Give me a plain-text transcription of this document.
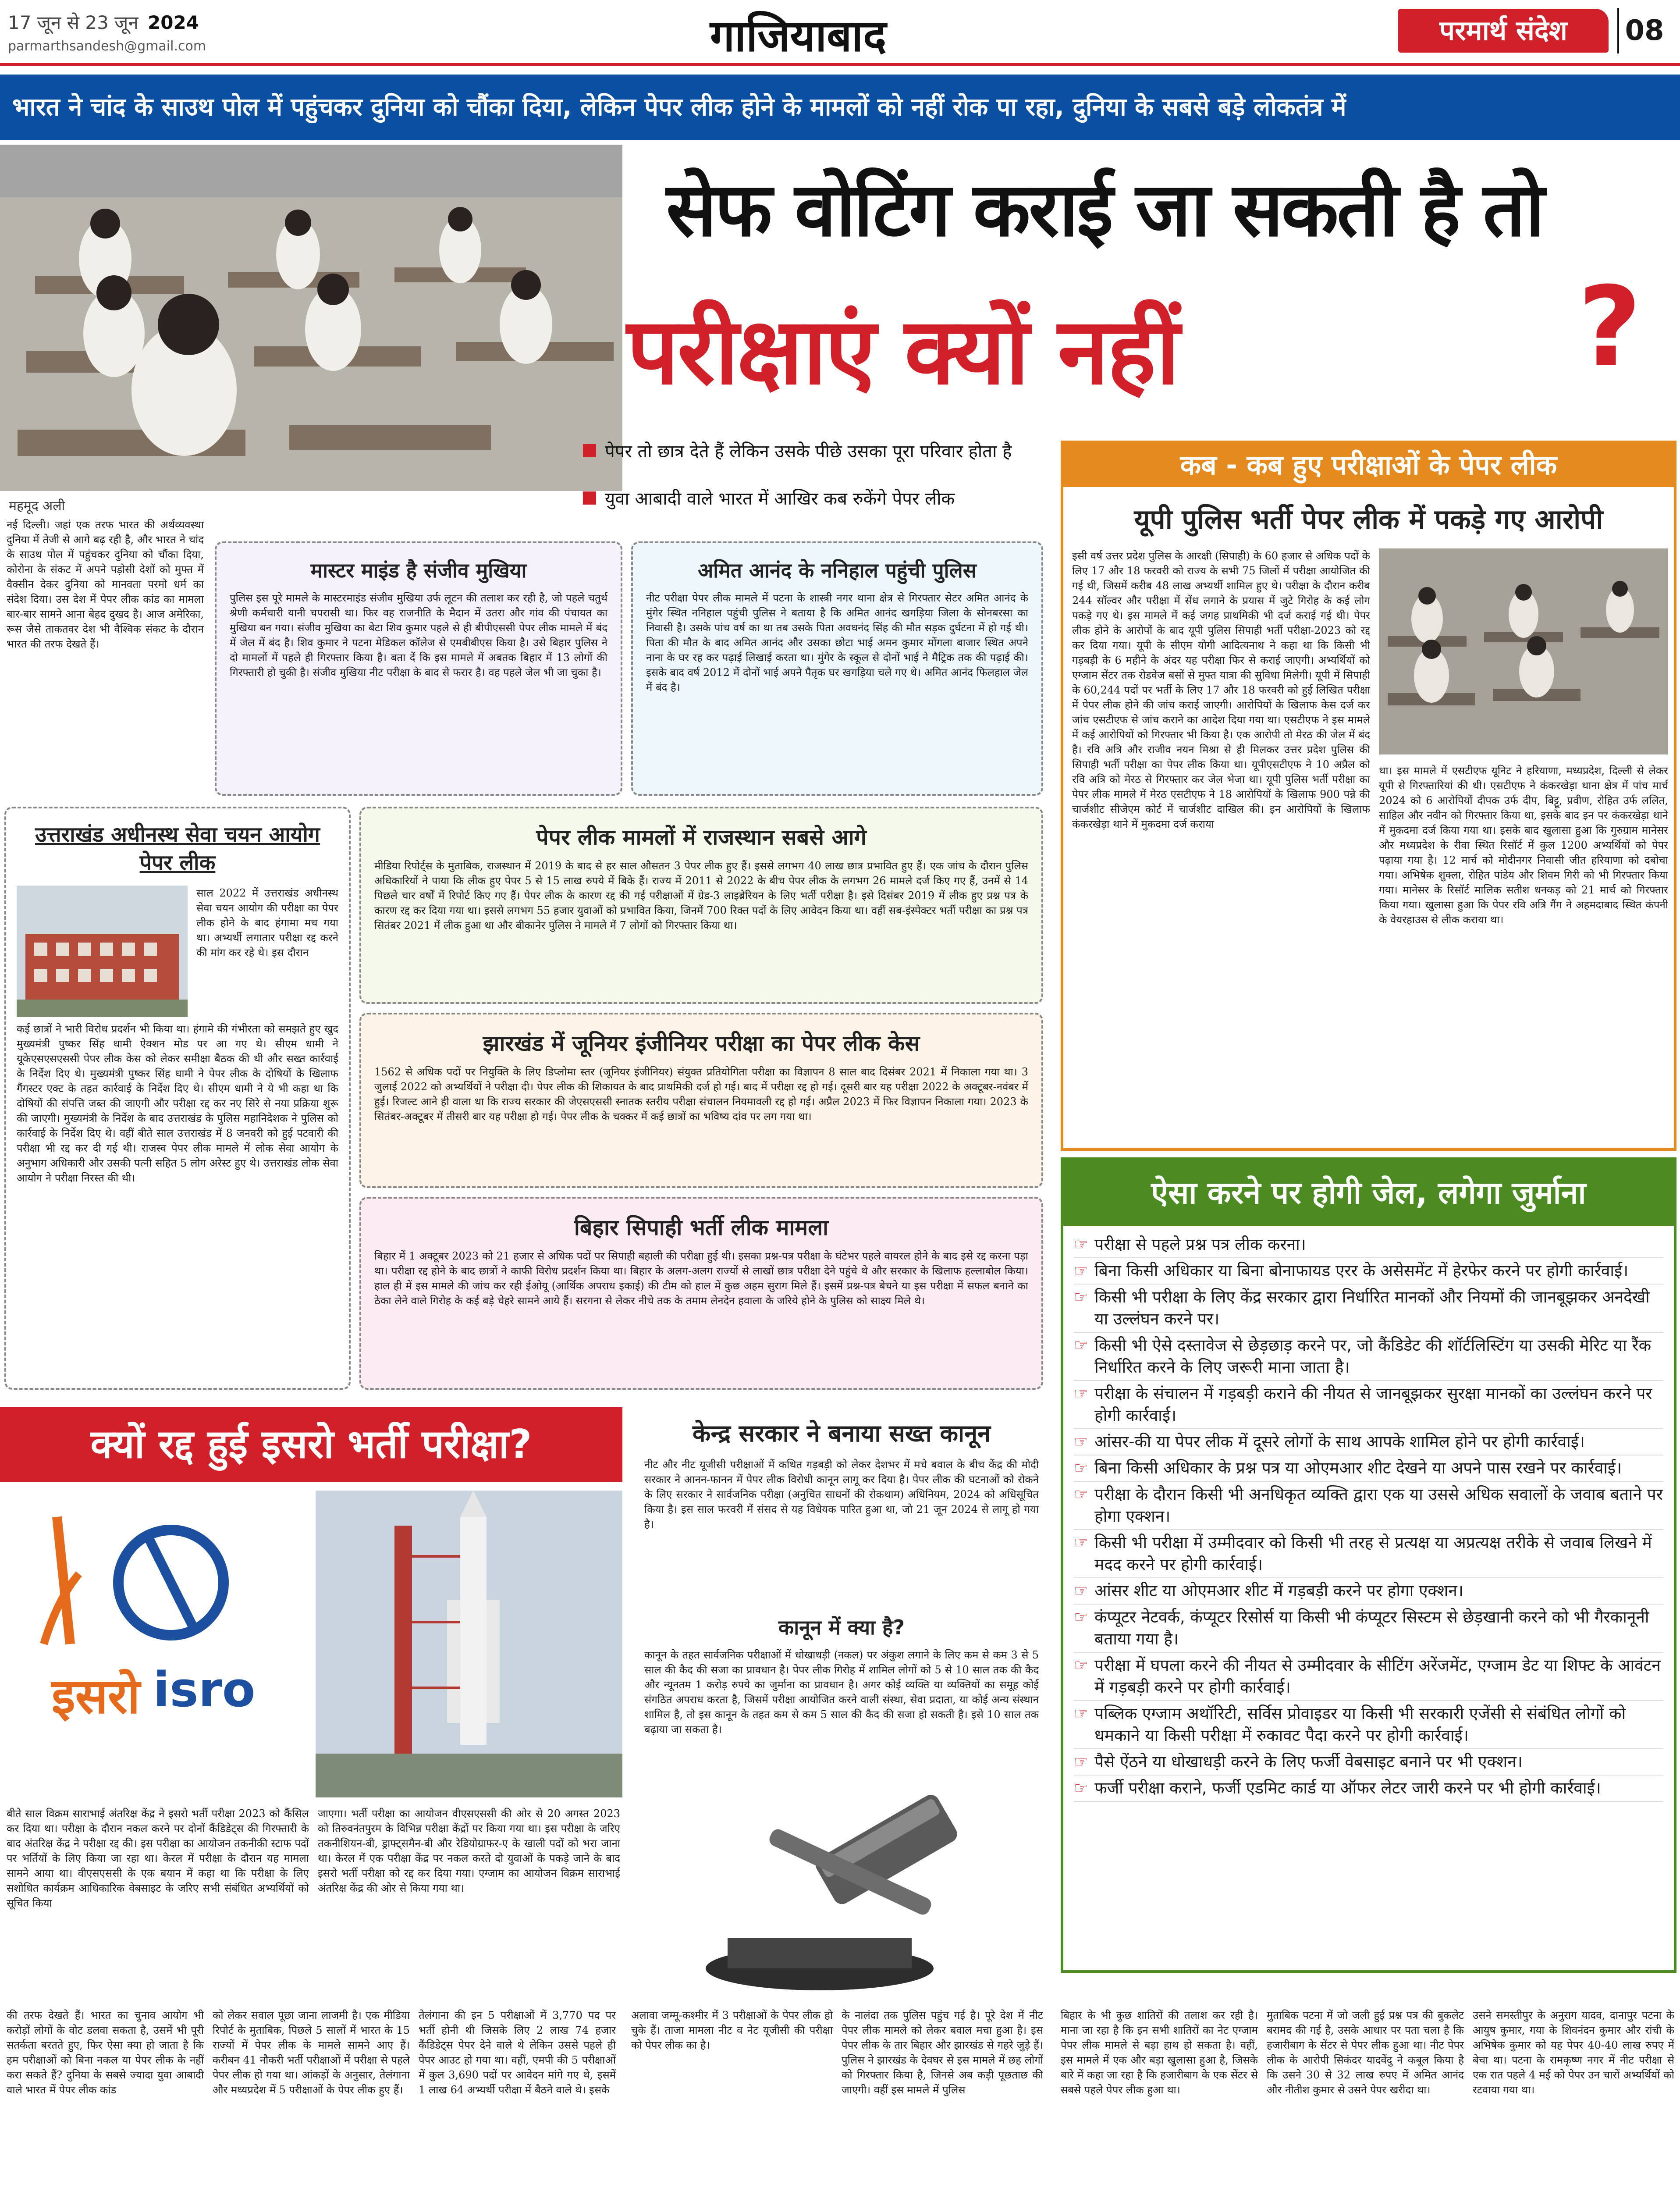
17 जून से 23 जून 2024
parmarthsandesh@gmail.com	गाजियाबाद	परमार्थ संदेश	08
भारत ने चांद के साउथ पोल में पहुंचकर दुनिया को चौंका दिया, लेकिन पेपर लीक होने के मामलों को नहीं रोक पा रहा, दुनिया के सबसे बड़े लोकतंत्र में
महमूद अली
सेफ वोटिंग कराई जा सकती है तो
परीक्षाएं क्यों नहीं	?
पेपर तो छात्र देते हैं लेकिन उसके पीछे उसका पूरा परिवार होता है
युवा आबादी वाले भारत में आखिर कब रुकेंगे पेपर लीक

नई दिल्ली। जहां एक तरफ भारत की अर्थव्यवस्था दुनिया में तेजी से आगे बढ़ रही है, और भारत ने चांद के साउथ पोल में पहुंचकर दुनिया को चौंका दिया, कोरोना के संकट में अपने पड़ोसी देशों को मुफ्त में वैक्सीन देकर दुनिया को मानवता परमो धर्म का संदेश दिया। उस देश में पेपर लीक कांड का मामला बार-बार सामने आना बेहद दुखद है। आज अमेरिका, रूस जैसे ताकतवर देश भी वैश्विक संकट के दौरान भारत की तरफ देखते हैं।

मास्टर माइंड है संजीव मुखिया

पुलिस इस पूरे मामले के मास्टरमाइंड संजीव मुखिया उर्फ लूटन की तलाश कर रही है, जो पहले चतुर्थ श्रेणी कर्मचारी यानी चपरासी था। फिर वह राजनीति के मैदान में उतरा और गांव की पंचायत का मुखिया बन गया। संजीव मुखिया का बेटा शिव कुमार पहले से ही बीपीएससी पेपर लीक मामले में बंद में जेल में बंद है। शिव कुमार ने पटना मेडिकल कॉलेज से एमबीबीएस किया है। उसे बिहार पुलिस ने दो मामलों में पहले ही गिरफ्तार किया है। बता दें कि इस मामले में अबतक बिहार में 13 लोगों की गिरफ्तारी हो चुकी है। संजीव मुखिया नीट परीक्षा के बाद से फरार है। वह पहले जेल भी जा चुका है।

अमित आनंद के ननिहाल पहुंची पुलिस

नीट परीक्षा पेपर लीक मामले में पटना के शास्त्री नगर थाना क्षेत्र से गिरफ्तार सेटर अमित आनंद के मुंगेर स्थित ननिहाल पहुंची पुलिस ने बताया है कि अमित आनंद खगड़िया जिला के सोनबरसा का निवासी है। उसके पांच वर्ष का था तब उसके पिता अवधनंद सिंह की मौत सड़क दुर्घटना में हो गई थी। पिता की मौत के बाद अमित आनंद और उसका छोटा भाई अमन कुमार मोंगला बाजार स्थित अपने नाना के घर रह कर पढ़ाई लिखाई करता था। मुंगेर के स्कूल से दोनों भाई ने मैट्रिक तक की पढ़ाई की। इसके बाद वर्ष 2012 में दोनों भाई अपने पैतृक घर खगड़िया चले गए थे। अमित आनंद फिलहाल जेल में बंद है।

कब - कब हुए परीक्षाओं के पेपर लीक
यूपी पुलिस भर्ती पेपर लीक में पकड़े गए आरोपी

इसी वर्ष उत्तर प्रदेश पुलिस के आरक्षी (सिपाही) के 60 हजार से अधिक पदों के लिए 17 और 18 फरवरी को राज्य के सभी 75 जिलों में परीक्षा आयोजित की गई थी, जिसमें करीब 48 लाख अभ्यर्थी शामिल हुए थे। परीक्षा के दौरान करीब 244 सॉल्वर और परीक्षा में सेंध लगाने के प्रयास में जुटे गिरोह के कई लोग पकड़े गए थे। इस मामले में कई जगह प्राथमिकी भी दर्ज कराई गई थी। पेपर लीक होने के आरोपों के बाद यूपी पुलिस सिपाही भर्ती परीक्षा-2023 को रद्द कर दिया गया। यूपी के सीएम योगी आदित्यनाथ ने कहा था कि किसी भी गड़बड़ी के 6 महीने के अंदर यह परीक्षा फिर से कराई जाएगी। अभ्यर्थियों को एग्जाम सेंटर तक रोडवेज बसों से मुफ्त यात्रा की सुविधा मिलेगी। यूपी में सिपाही के 60,244 पदों पर भर्ती के लिए 17 और 18 फरवरी को हुई लिखित परीक्षा में पेपर लीक होने की जांच कराई जाएगी। आरोपियों के खिलाफ केस दर्ज कर जांच एसटीएफ से जांच कराने का आदेश दिया गया था। एसटीएफ ने इस मामले में कई आरोपियों को गिरफ्तार भी किया है। एक आरोपी तो मेरठ की जेल में बंद है। रवि अत्रि और राजीव नयन मिश्रा से ही मिलकर उत्तर प्रदेश पुलिस की सिपाही भर्ती परीक्षा का पेपर लीक किया था। यूपीएसटीएफ ने 10 अप्रैल को रवि अत्रि को मेरठ से गिरफ्तार कर जेल भेजा था। यूपी पुलिस भर्ती परीक्षा का पेपर लीक मामले में मेरठ एसटीएफ ने 18 आरोपियों के खिलाफ 900 पन्ने की चार्जशीट सीजेएम कोर्ट में चार्जशीट दाखिल की। इन आरोपियों के खिलाफ कंकरखेड़ा थाने में मुकदमा दर्ज कराया

था। इस मामले में एसटीएफ यूनिट ने हरियाणा, मध्यप्रदेश, दिल्ली से लेकर यूपी से गिरफ्तारियां की थी। एसटीएफ ने कंकरखेड़ा थाना क्षेत्र में पांच मार्च 2024 को 6 आरोपियों दीपक उर्फ दीप, बिट्टू, प्रवीण, रोहित उर्फ ललित, साहिल और नवीन को गिरफ्तार किया था, इसके बाद इन पर कंकरखेड़ा थाने में मुकदमा दर्ज किया गया था। इसके बाद खुलासा हुआ कि गुरुग्राम मानेसर और मध्यप्रदेश के रीवा स्थित रिसॉर्ट में कुल 1200 अभ्यर्थियों को पेपर पढ़ाया गया है। 12 मार्च को मोदीनगर निवासी जीत हरियाणा को दबोचा गया। अभिषेक शुक्ला, रोहित पांडेय और शिवम गिरी को भी गिरफ्तार किया गया। मानेसर के रिसॉर्ट मालिक सतीश धनकड़ को 21 मार्च को गिरफ्तार किया गया। खुलासा हुआ कि पेपर रवि अत्रि गैंग ने अहमदाबाद स्थित कंपनी के वेयरहाउस से लीक कराया था।

उत्तराखंड अधीनस्थ सेवा चयन आयोग पेपर लीक

साल 2022 में उत्तराखंड अधीनस्थ सेवा चयन आयोग की परीक्षा का पेपर लीक होने के बाद हंगामा मच गया था। अभ्यर्थी लगातार परीक्षा रद्द करने की मांग कर रहे थे। इस दौरान

कई छात्रों ने भारी विरोध प्रदर्शन भी किया था। हंगामे की गंभीरता को समझते हुए खुद मुख्यमंत्री पुष्कर सिंह धामी ऐक्शन मोड पर आ गए थे। सीएम धामी ने यूकेएसएसएससी पेपर लीक केस को लेकर समीक्षा बैठक की थी और सख्त कार्रवाई के निर्देश दिए थे। मुख्यमंत्री पुष्कर सिंह धामी ने पेपर लीक के दोषियों के खिलाफ गैंगस्टर एक्ट के तहत कार्रवाई के निर्देश दिए थे। सीएम धामी ने ये भी कहा था कि दोषियों की संपत्ति जब्त की जाएगी और परीक्षा रद्द कर नए सिरे से नया प्रक्रिया शुरू की जाएगी। मुख्यमंत्री के निर्देश के बाद उत्तराखंड के पुलिस महानिदेशक ने पुलिस को कार्रवाई के निर्देश दिए थे। वहीं बीते साल उत्तराखंड में 8 जनवरी को हुई पटवारी की परीक्षा भी रद्द कर दी गई थी। राजस्व पेपर लीक मामले में लोक सेवा आयोग के अनुभाग अधिकारी और उसकी पत्नी सहित 5 लोग अरेस्ट हुए थे। उत्तराखंड लोक सेवा आयोग ने परीक्षा निरस्त की थी।

पेपर लीक मामलों में राजस्थान सबसे आगे

मीडिया रिपोर्ट्स के मुताबिक, राजस्थान में 2019 के बाद से हर साल औसतन 3 पेपर लीक हुए हैं। इससे लगभग 40 लाख छात्र प्रभावित हुए हैं। एक जांच के दौरान पुलिस अधिकारियों ने पाया कि लीक हुए पेपर 5 से 15 लाख रुपये में बिके हैं। राज्य में 2011 से 2022 के बीच पेपर लीक के लगभग 26 मामले दर्ज किए गए हैं, उनमें से 14 पिछले चार वर्षों में रिपोर्ट किए गए हैं। पेपर लीक के कारण रद्द की गई परीक्षाओं में ग्रेड-3 लाइब्रेरियन के लिए भर्ती परीक्षा है। इसे दिसंबर 2019 में लीक हुए प्रश्न पत्र के कारण रद्द कर दिया गया था। इससे लगभग 55 हजार युवाओं को प्रभावित किया, जिनमें 700 रिक्त पदों के लिए आवेदन किया था। वहीं सब-इंस्पेक्टर भर्ती परीक्षा का प्रश्न पत्र सितंबर 2021 में लीक हुआ था और बीकानेर पुलिस ने मामले में 7 लोगों को गिरफ्तार किया था।

झारखंड में जूनियर इंजीनियर परीक्षा का पेपर लीक केस

1562 से अधिक पदों पर नियुक्ति के लिए डिप्लोमा स्तर (जूनियर इंजीनियर) संयुक्त प्रतियोगिता परीक्षा का विज्ञापन 8 साल बाद दिसंबर 2021 में निकाला गया था। 3 जुलाई 2022 को अभ्यर्थियों ने परीक्षा दी। पेपर लीक की शिकायत के बाद प्राथमिकी दर्ज हो गई। बाद में परीक्षा रद्द हो गई। दूसरी बार यह परीक्षा 2022 के अक्टूबर-नवंबर में हुई। रिजल्ट आने ही वाला था कि राज्य सरकार की जेएसएससी स्नातक स्तरीय परीक्षा संचालन नियमावली रद्द हो गई। अप्रैल 2023 में फिर विज्ञापन निकाला गया। 2023 के सितंबर-अक्टूबर में तीसरी बार यह परीक्षा हो गई। पेपर लीक के चक्कर में कई छात्रों का भविष्य दांव पर लग गया था।

बिहार सिपाही भर्ती लीक मामला

बिहार में 1 अक्टूबर 2023 को 21 हजार से अधिक पदों पर सिपाही बहाली की परीक्षा हुई थी। इसका प्रश्न-पत्र परीक्षा के घंटेभर पहले वायरल होने के बाद इसे रद्द करना पड़ा था। परीक्षा रद्द होने के बाद छात्रों ने काफी विरोध प्रदर्शन किया था। बिहार के अलग-अलग राज्यों से लाखों छात्र परीक्षा देने पहुंचे थे और सरकार के खिलाफ हल्लाबोल किया। हाल ही में इस मामले की जांच कर रही ईओयू (आर्थिक अपराध इकाई) की टीम को हाल में कुछ अहम सुराग मिले हैं। इसमें प्रश्न-पत्र बेचने या इस परीक्षा में सफल बनाने का ठेका लेने वाले गिरोह के कई बड़े चेहरे सामने आये हैं। सरगना से लेकर नीचे तक के तमाम लेनदेन हवाला के जरिये होने के पुलिस को साक्ष्य मिले थे।

ऐसा करने पर होगी जेल, लगेगा जुर्माना
☞ परीक्षा से पहले प्रश्न पत्र लीक करना।
☞ बिना किसी अधिकार या बिना बोनाफायड एरर के असेसमेंट में हेरफेर करने पर होगी कार्रवाई।
☞ किसी भी परीक्षा के लिए केंद्र सरकार द्वारा निर्धारित मानकों और नियमों की जानबूझकर अनदेखी या उल्लंघन करने पर।
☞ किसी भी ऐसे दस्तावेज से छेड़छाड़ करने पर, जो कैंडिडेट की शॉर्टलिस्टिंग या उसकी मेरिट या रैंक निर्धारित करने के लिए जरूरी माना जाता है।
☞ परीक्षा के संचालन में गड़बड़ी कराने की नीयत से जानबूझकर सुरक्षा मानकों का उल्लंघन करने पर होगी कार्रवाई।
☞ आंसर-की या पेपर लीक में दूसरे लोगों के साथ आपके शामिल होने पर होगी कार्रवाई।
☞ बिना किसी अधिकार के प्रश्न पत्र या ओएमआर शीट देखने या अपने पास रखने पर कार्रवाई।
☞ परीक्षा के दौरान किसी भी अनधिकृत व्यक्ति द्वारा एक या उससे अधिक सवालों के जवाब बताने पर होगा एक्शन।
☞ किसी भी परीक्षा में उम्मीदवार को किसी भी तरह से प्रत्यक्ष या अप्रत्यक्ष तरीके से जवाब लिखने में मदद करने पर होगी कार्रवाई।
☞ आंसर शीट या ओएमआर शीट में गड़बड़ी करने पर होगा एक्शन।
☞ कंप्यूटर नेटवर्क, कंप्यूटर रिसोर्स या किसी भी कंप्यूटर सिस्टम से छेड़खानी करने को भी गैरकानूनी बताया गया है।
☞ परीक्षा में घपला करने की नीयत से उम्मीदवार के सीटिंग अरेंजमेंट, एग्जाम डेट या शिफ्ट के आवंटन में गड़बड़ी करने पर होगी कार्रवाई।
☞ पब्लिक एग्जाम अथॉरिटी, सर्विस प्रोवाइडर या किसी भी सरकारी एजेंसी से संबंधित लोगों को धमकाने या किसी परीक्षा में रुकावट पैदा करने पर होगी कार्रवाई।
☞ पैसे ऐंठने या धोखाधड़ी करने के लिए फर्जी वेबसाइट बनाने पर भी एक्शन।
☞ फर्जी परीक्षा कराने, फर्जी एडमिट कार्ड या ऑफर लेटर जारी करने पर भी होगी कार्रवाई।
क्यों रद्द हुई इसरो भर्ती परीक्षा?
इसरो isro

बीते साल विक्रम साराभाई अंतरिक्ष केंद्र ने इसरो भर्ती परीक्षा 2023 को कैंसिल कर दिया था। परीक्षा के दौरान नकल करने पर दोनों कैंडिडेट्स की गिरफ्तारी के बाद अंतरिक्ष केंद्र ने परीक्षा रद्द की। इस परीक्षा का आयोजन तकनीकी स्टाफ पदों पर भर्तियों के लिए किया जा रहा था। केरल में परीक्षा के दौरान यह मामला सामने आया था। वीएसएससी के एक बयान में कहा था कि परीक्षा के लिए सशोधित कार्यक्रम आधिकारिक वेबसाइट के जरिए सभी संबंधित अभ्यर्थियों को सूचित किया

जाएगा। भर्ती परीक्षा का आयोजन वीएसएससी की ओर से 20 अगस्त 2023 को तिरुवनंतपुरम के विभिन्न परीक्षा केंद्रों पर किया गया था। इस परीक्षा के जरिए तकनीशियन-बी, ड्राफ्ट्समैन-बी और रेडियोग्राफर-ए के खाली पदों को भरा जाना था। केरल में एक परीक्षा केंद्र पर नकल करते दो युवाओं के पकड़े जाने के बाद इसरो भर्ती परीक्षा को रद्द कर दिया गया। एग्जाम का आयोजन विक्रम साराभाई अंतरिक्ष केंद्र की ओर से किया गया था।

केन्द्र सरकार ने बनाया सख्त कानून

नीट और नीट यूजीसी परीक्षाओं में कथित गड़बड़ी को लेकर देशभर में मचे बवाल के बीच केंद्र की मोदी सरकार ने आनन-फानन में पेपर लीक विरोधी कानून लागू कर दिया है। पेपर लीक की घटनाओं को रोकने के लिए सरकार ने सार्वजनिक परीक्षा (अनुचित साधनों की रोकथाम) अधिनियम, 2024 को अधिसूचित किया है। इस साल फरवरी में संसद से यह विधेयक पारित हुआ था, जो 21 जून 2024 से लागू हो गया है।

कानून में क्या है?

कानून के तहत सार्वजनिक परीक्षाओं में धोखाधड़ी (नकल) पर अंकुश लगाने के लिए कम से कम 3 से 5 साल की कैद की सजा का प्रावधान है। पेपर लीक गिरोह में शामिल लोगों को 5 से 10 साल तक की कैद और न्यूनतम 1 करोड़ रुपये का जुर्माना का प्रावधान है। अगर कोई व्यक्ति या व्यक्तियों का समूह कोई संगठित अपराध करता है, जिसमें परीक्षा आयोजित करने वाली संस्था, सेवा प्रदाता, या कोई अन्य संस्थान शामिल है, तो इस कानून के तहत कम से कम 5 साल की कैद की सजा हो सकती है। इसे 10 साल तक बढ़ाया जा सकता है।

की तरफ देखते हैं। भारत का चुनाव आयोग भी करोड़ों लोगों के वोट डलवा सकता है, उसमें भी पूरी सतर्कता बरतते हुए, फिर ऐसा क्या हो जाता है कि हम परीक्षाओं को बिना नकल या पेपर लीक के नहीं करा सकते हैं? दुनिया के सबसे ज्यादा युवा आबादी वाले भारत में पेपर लीक कांड

को लेकर सवाल पूछा जाना लाजमी है। एक मीडिया रिपोर्ट के मुताबिक, पिछले 5 सालों में भारत के 15 राज्यों में पेपर लीक के मामले सामने आए हैं। करीबन 41 नौकरी भर्ती परीक्षाओं में परीक्षा से पहले पेपर लीक हो गया था। आंकड़ों के अनुसार, तेलंगाना और मध्यप्रदेश में 5 परीक्षाओं के पेपर लीक हुए हैं।

तेलंगाना की इन 5 परीक्षाओं में 3,770 पद पर भर्ती होनी थी जिसके लिए 2 लाख 74 हजार कैंडिडेट्स पेपर देने वाले थे लेकिन उससे पहले ही पेपर आउट हो गया था। वहीं, एमपी की 5 परीक्षाओं में कुल 3,690 पदों पर आवेदन मांगे गए थे, इसमें 1 लाख 64 अभ्यर्थी परीक्षा में बैठने वाले थे। इसके

अलावा जम्मू-कश्मीर में 3 परीक्षाओं के पेपर लीक हो चुके हैं। ताजा मामला नीट व नेट यूजीसी की परीक्षा को पेपर लीक का है।

के नालंदा तक पुलिस पहुंच गई है। पूरे देश में नीट पेपर लीक मामले को लेकर बवाल मचा हुआ है। इस पेपर लीक के तार बिहार और झारखंड से गहरे जुड़े हैं। पुलिस ने झारखंड के देवघर से इस मामले में छह लोगों को गिरफ्तार किया है, जिनसे अब कड़ी पूछताछ की जाएगी। वहीं इस मामले में पुलिस

बिहार के भी कुछ शातिरों की तलाश कर रही है। माना जा रहा है कि इन सभी शातिरों का नेट एग्जाम पेपर लीक मामले से बड़ा हाथ हो सकता है। वहीं, इस मामले में एक और बड़ा खुलासा हुआ है, जिसके बारे में कहा जा रहा है कि हजारीबाग के एक सेंटर से सबसे पहले पेपर लीक हुआ था।

मुताबिक पटना में जो जली हुई प्रश्न पत्र की बुकलेट बरामद की गई है, उसके आधार पर पता चला है कि हजारीबाग के सेंटर से पेपर लीक हुआ था। नीट पेपर लीक के आरोपी सिकंदर यादवेंदु ने कबूल किया है कि उसने 30 से 32 लाख रुपए में अमित आनंद और नीतीश कुमार से उसने पेपर खरीदा था।

उसने समस्तीपुर के अनुराग यादव, दानापुर पटना के आयुष कुमार, गया के शिवनंदन कुमार और रांची के अभिषेक कुमार को यह पेपर 40-40 लाख रुपए में बेचा था। पटना के रामकृष्ण नगर में नीट परीक्षा से एक रात पहले 4 मई को पेपर उन चारों अभ्यर्थियों को रटवाया गया था।
